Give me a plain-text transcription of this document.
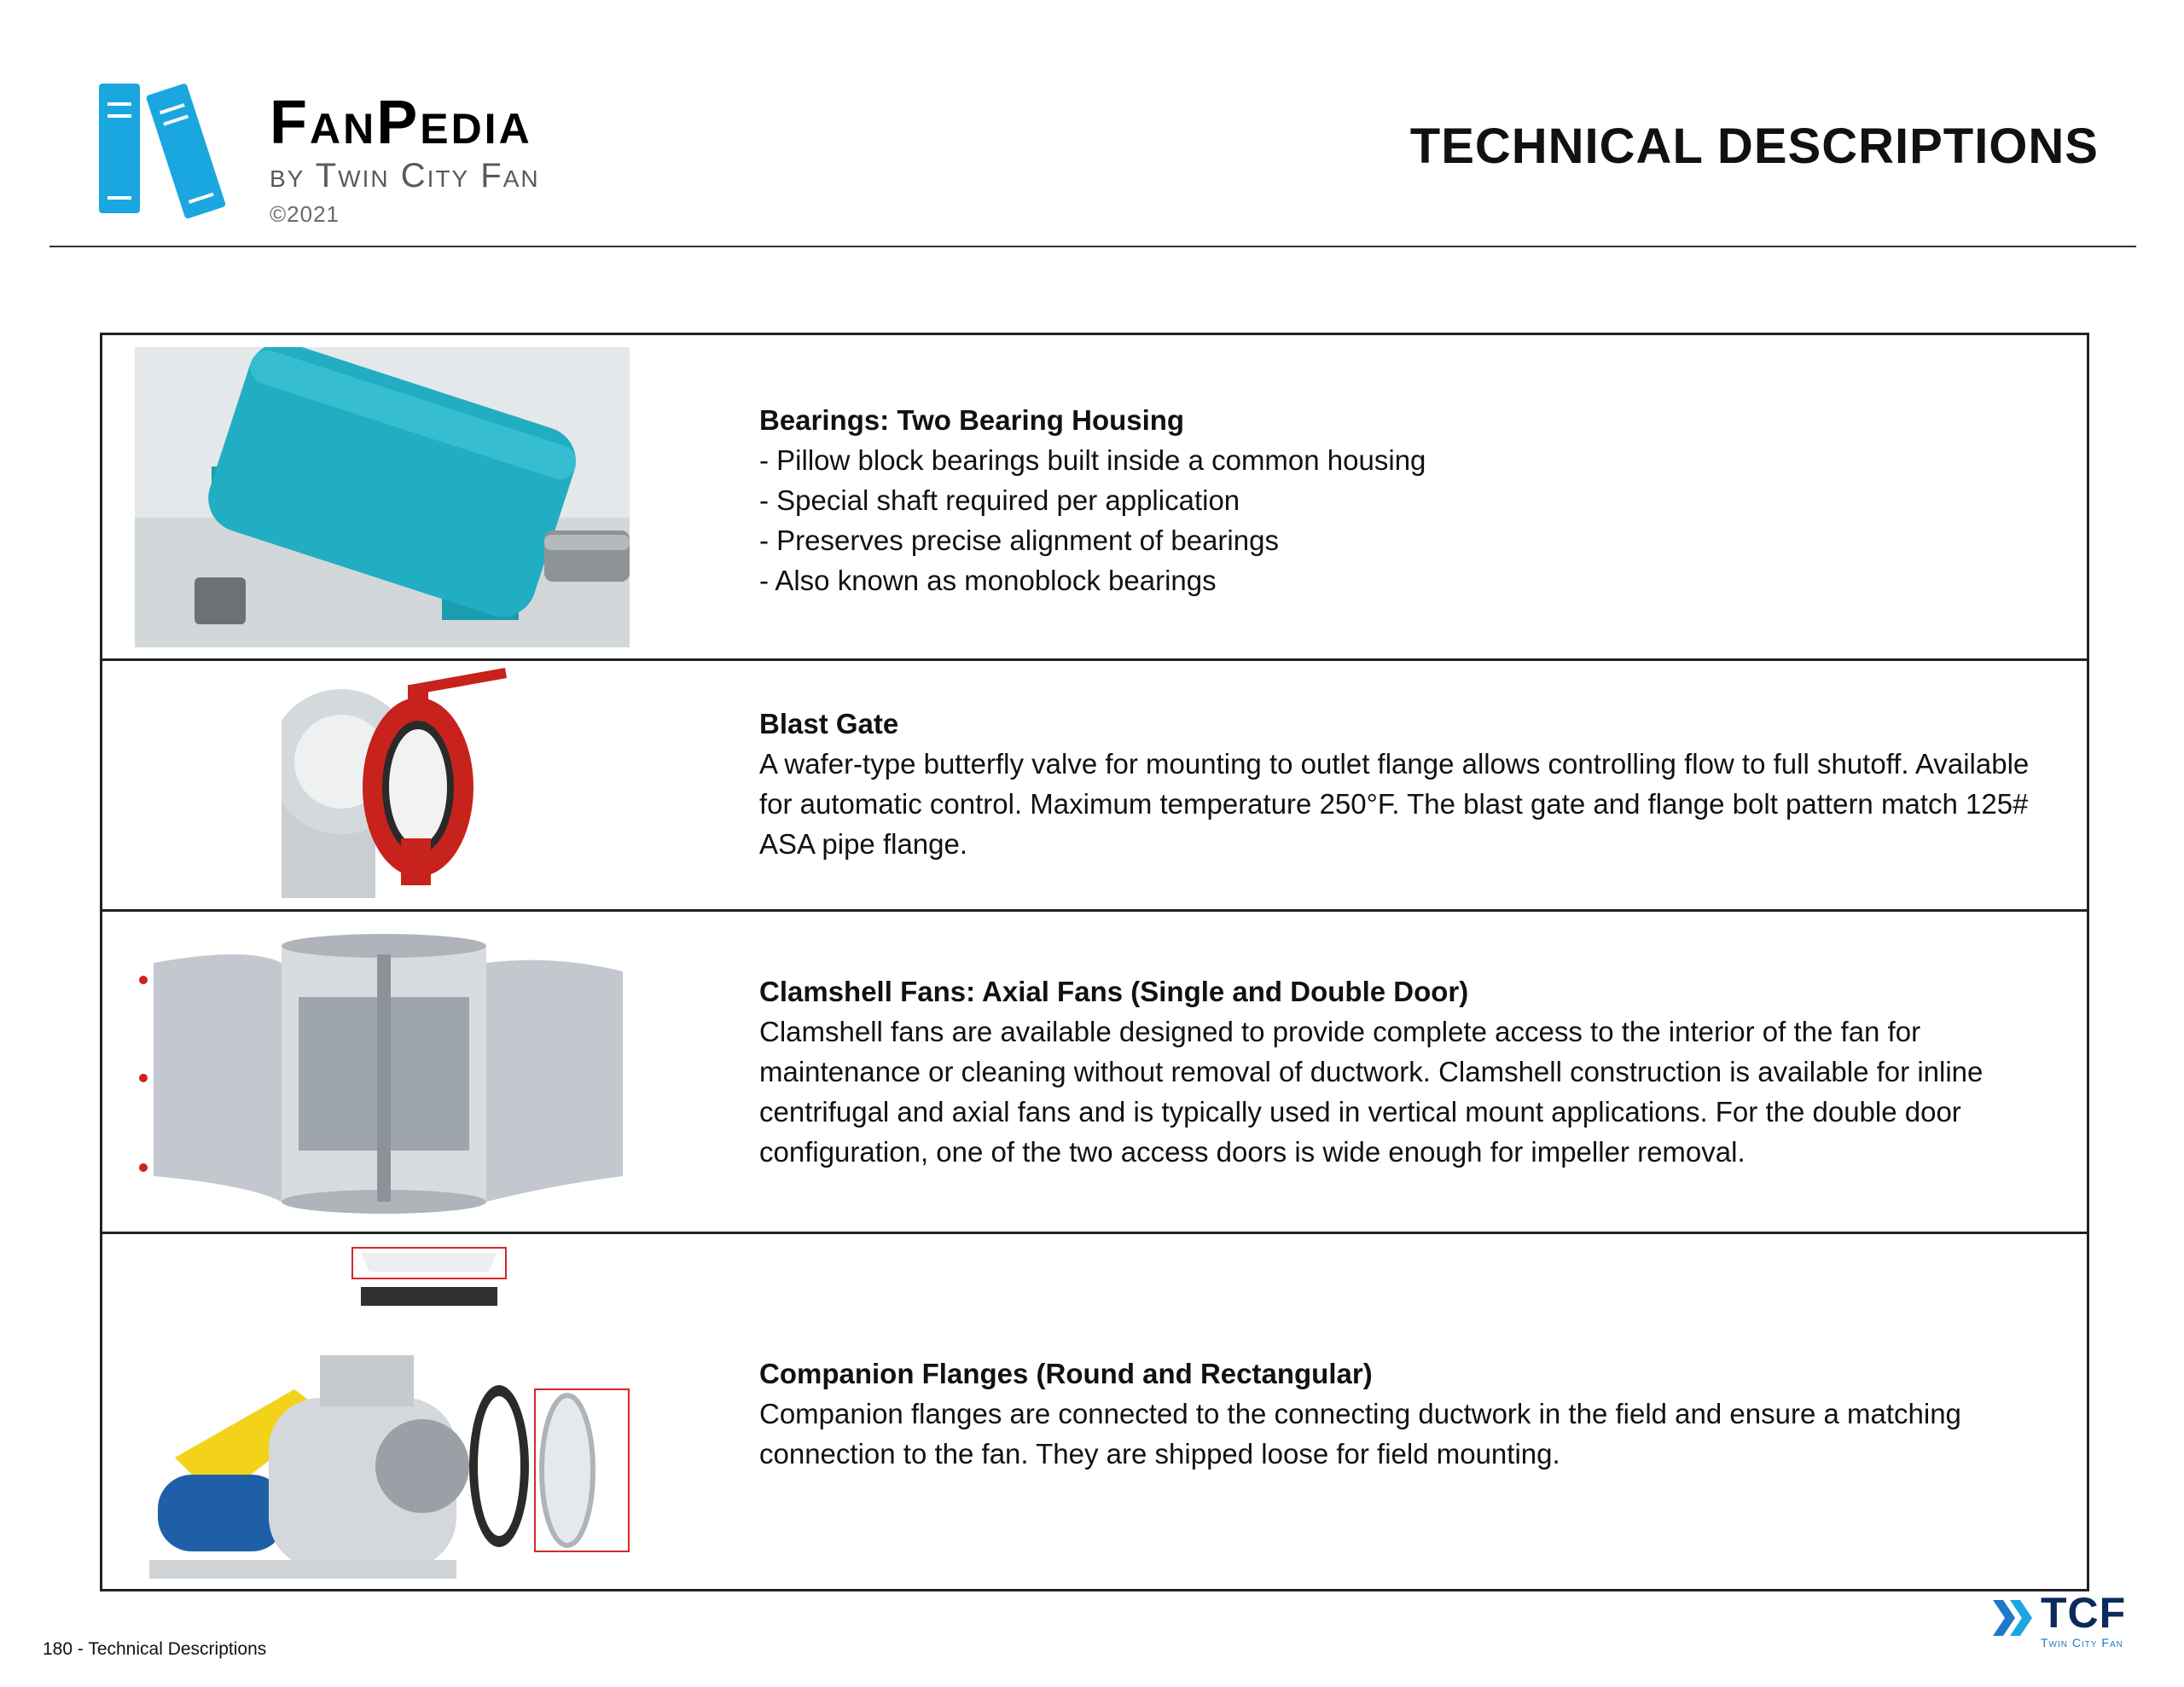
FanPedia
by Twin City Fan
©2021
TECHNICAL DESCRIPTIONS
Bearings: Two Bearing Housing

- Pillow block bearings built inside a common housing

- Special shaft required per application

- Preserves precise alignment of bearings

- Also known as monoblock bearings

Blast Gate

A wafer-type butterfly valve for mounting to outlet flange allows controlling flow to full shutoff. Available for automatic control. Maximum temperature 250°F. The blast gate and flange bolt pattern match 125# ASA pipe flange.

Clamshell Fans: Axial Fans (Single and Double Door)

Clamshell fans are available designed to provide complete access to the interior of the fan for maintenance or cleaning without removal of ductwork. Clamshell construction is available for inline centrifugal and axial fans and is typically used in vertical mount applications. For the double door configuration, one of the two access doors is wide enough for impeller removal.

Companion Flanges (Round and Rectangular)

Companion flanges are connected to the connecting ductwork in the field and ensure a matching connection to the fan. They are shipped loose for field mounting.

180 - Technical Descriptions
TCF
Twin City Fan
